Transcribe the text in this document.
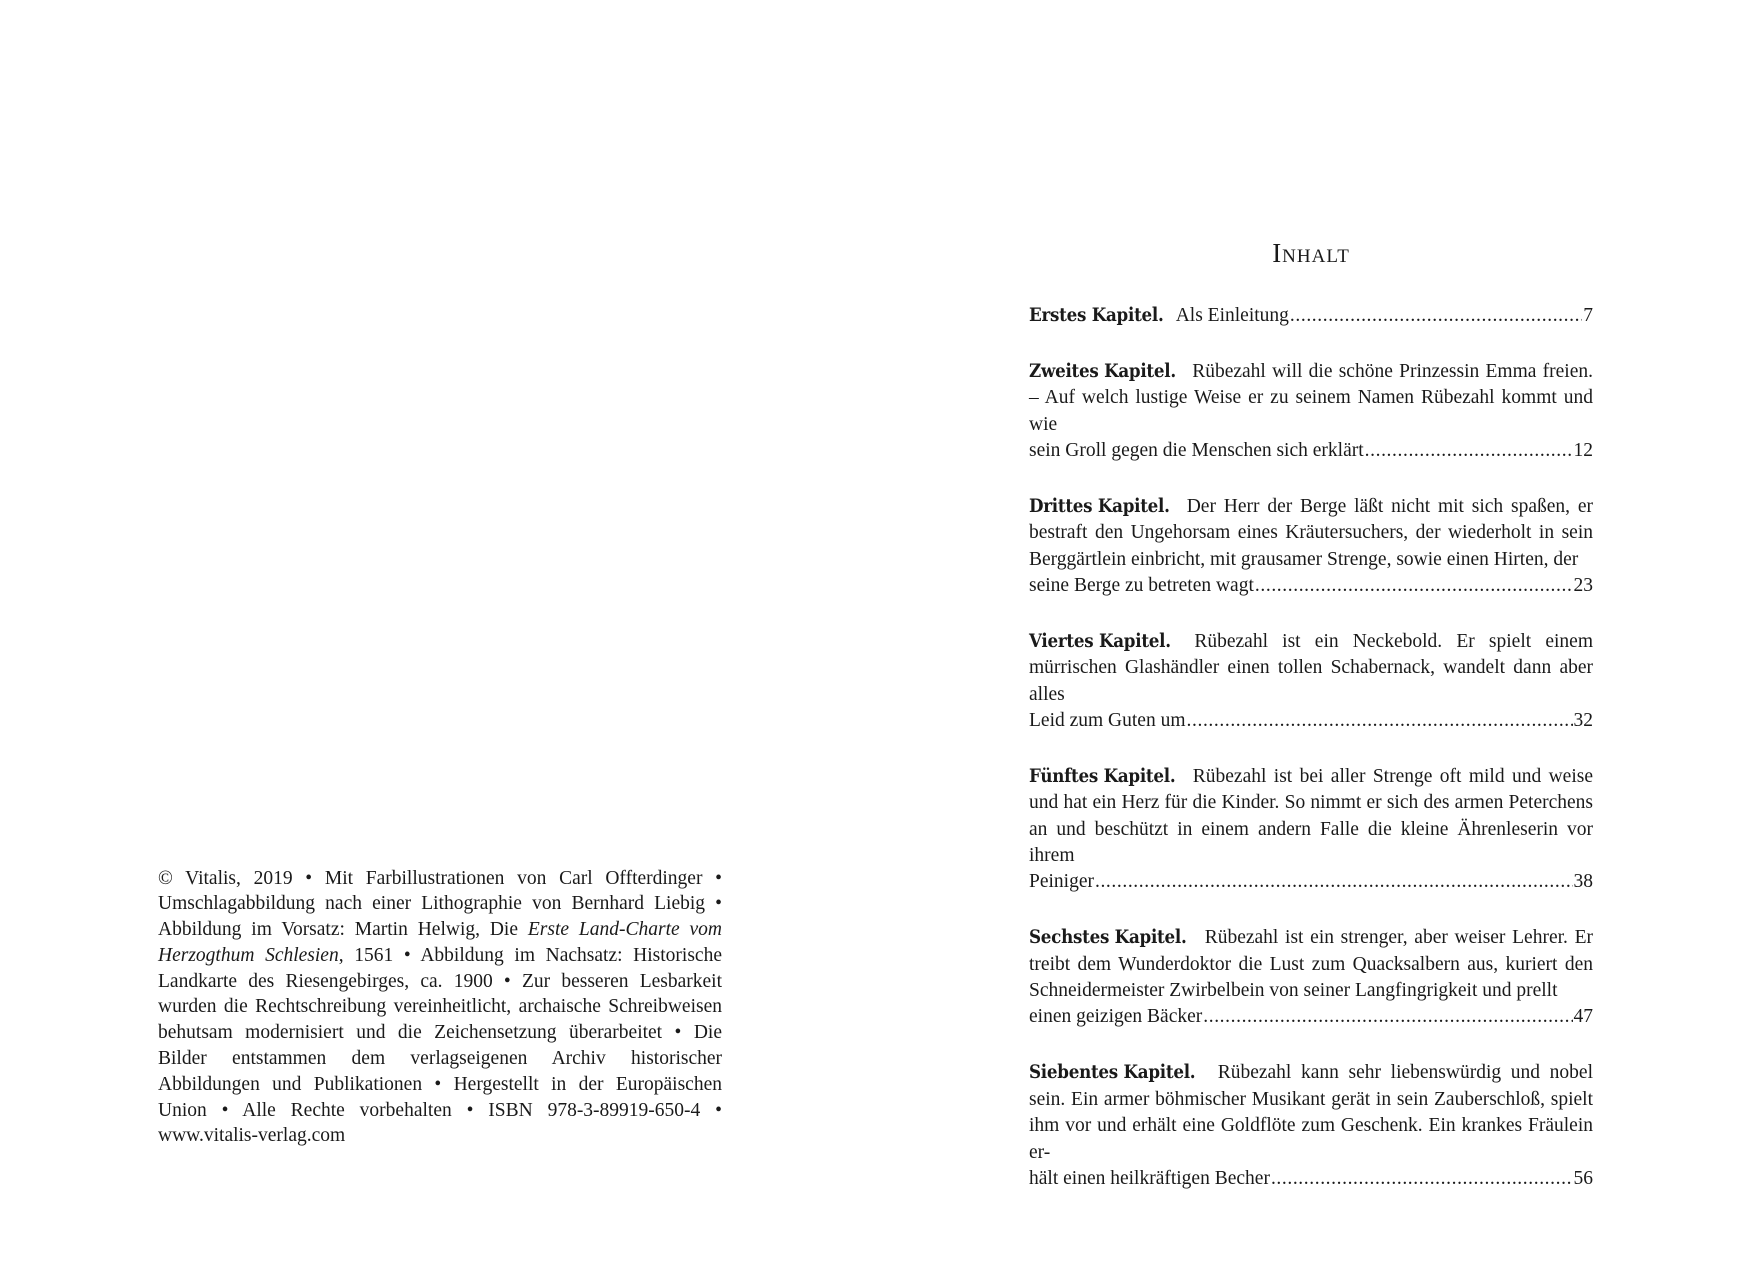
© Vitalis, 2019 • Mit Farbillustrationen von Carl Offterdinger • Umschlagabbildung nach einer Lithographie von Bernhard Liebig • Abbildung im Vorsatz: Martin Helwig, Die Erste Land-Charte vom Herzogthum Schlesien, 1561 • Abbildung im Nachsatz: Historische Landkarte des Riesengebirges, ca. 1900 • Zur besseren Lesbarkeit wurden die Rechtschreibung vereinheitlicht, archaische Schreibweisen behutsam modernisiert und die Zeichensetzung überarbeitet • Die Bilder entstammen dem verlagseigenen Archiv historischer Abbildungen und Publikationen • Hergestellt in der Europäischen Union • Alle Rechte vorbehalten • ISBN 978-3-89919-650-4 • www.vitalis-verlag.com

Inhalt
Erstes Kapitel. Als Einleitung .....	7
Zweites Kapitel. Rübezahl will die schöne Prinzessin Emma freien. – Auf welch lustige Weise er zu seinem Namen Rübezahl kommt und wie
sein Groll gegen die Menschen sich erklärt .....	12
Drittes Kapitel. Der Herr der Berge läßt nicht mit sich spaßen, er bestraft den Ungehorsam eines Kräutersuchers, der wiederholt in sein Berggärtlein einbricht, mit grausamer Strenge, sowie einen Hirten, der
seine Berge zu betreten wagt .....	23
Viertes Kapitel. Rübezahl ist ein Neckebold. Er spielt einem mürrischen Glashändler einen tollen Schabernack, wandelt dann aber alles
Leid zum Guten um .....	32
Fünftes Kapitel. Rübezahl ist bei aller Strenge oft mild und weise und hat ein Herz für die Kinder. So nimmt er sich des armen Peterchens an und beschützt in einem andern Falle die kleine Ährenleserin vor ihrem
Peiniger .....	38
Sechstes Kapitel. Rübezahl ist ein strenger, aber weiser Lehrer. Er treibt dem Wunderdoktor die Lust zum Quacksalbern aus, kuriert den Schneidermeister Zwirbelbein von seiner Langfingrigkeit und prellt
einen geizigen Bäcker .....	47
Siebentes Kapitel. Rübezahl kann sehr liebenswürdig und nobel sein. Ein armer böhmischer Musikant gerät in sein Zauberschloß, spielt ihm vor und erhält eine Goldflöte zum Geschenk. Ein krankes Fräulein er-
hält einen heilkräftigen Becher .....	56
